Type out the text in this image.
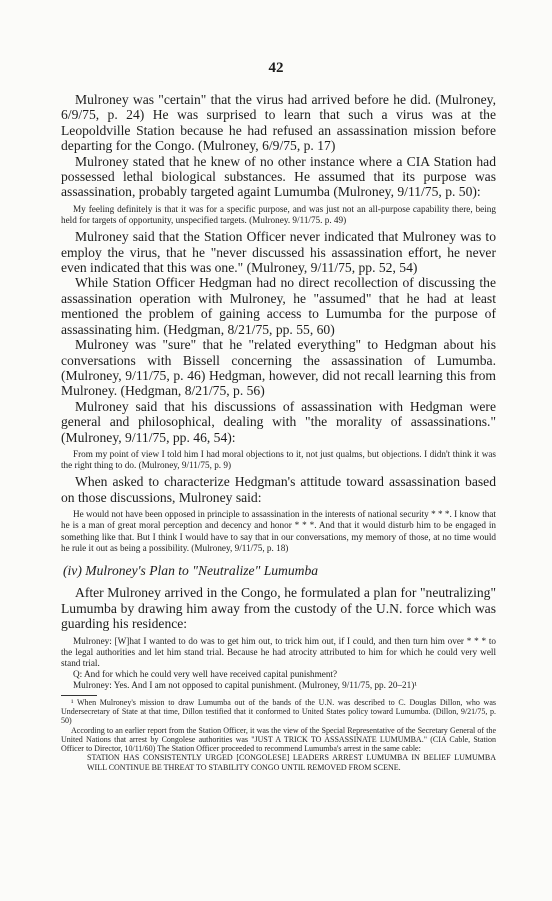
42

Mulroney was "certain" that the virus had arrived before he did. (Mulroney, 6/9/75, p. 24) He was surprised to learn that such a virus was at the Leopoldville Station because he had refused an assassination mission before departing for the Congo. (Mulroney, 6/9/75, p. 17)

Mulroney stated that he knew of no other instance where a CIA Station had possessed lethal biological substances. He assumed that its purpose was assassination, probably targeted againt Lumumba (Mulroney, 9/11/75, p. 50):

My feeling definitely is that it was for a specific purpose, and was just not an all-purpose capability there, being held for targets of opportunity, unspecified targets. (Mulroney. 9/11/75. p. 49)

Mulroney said that the Station Officer never indicated that Mulroney was to employ the virus, that he "never discussed his assassination effort, he never even indicated that this was one." (Mulroney, 9/11/75, pp. 52, 54)

While Station Officer Hedgman had no direct recollection of discussing the assassination operation with Mulroney, he "assumed" that he had at least mentioned the problem of gaining access to Lumumba for the purpose of assassinating him. (Hedgman, 8/21/75, pp. 55, 60)

Mulroney was "sure" that he "related everything" to Hedgman about his conversations with Bissell concerning the assassination of Lumumba. (Mulroney, 9/11/75, p. 46) Hedgman, however, did not recall learning this from Mulroney. (Hedgman, 8/21/75, p. 56)

Mulroney said that his discussions of assassination with Hedgman were general and philosophical, dealing with "the morality of assassinations." (Mulroney, 9/11/75, pp. 46, 54):

From my point of view I told him I had moral objections to it, not just qualms, but objections. I didn't think it was the right thing to do. (Mulroney, 9/11/75, p. 9)

When asked to characterize Hedgman's attitude toward assassination based on those discussions, Mulroney said:

He would not have been opposed in principle to assassination in the interests of national security * * *. I know that he is a man of great moral perception and decency and honor * * *. And that it would disturb him to be engaged in something like that. But I think I would have to say that in our conversations, my memory of those, at no time would he rule it out as being a possibility. (Mulroney, 9/11/75, p. 18)

(iv) Mulroney's Plan to "Neutralize" Lumumba

After Mulroney arrived in the Congo, he formulated a plan for "neutralizing" Lumumba by drawing him away from the custody of the U.N. force which was guarding his residence:

Mulroney: [W]hat I wanted to do was to get him out, to trick him out, if I could, and then turn him over * * * to the legal authorities and let him stand trial. Because he had atrocity attributed to him for which he could very well stand trial.

Q: And for which he could very well have received capital punishment?

Mulroney: Yes. And I am not opposed to capital punishment. (Mulroney, 9/11/75, pp. 20–21)¹

¹ When Mulroney's mission to draw Lumumba out of the bands of the U.N. was described to C. Douglas Dillon, who was Undersecretary of State at that time, Dillon testified that it conformed to United States policy toward Lumumba. (Dillon, 9/21/75, p. 50)

According to an earlier report from the Station Officer, it was the view of the Special Representative of the Secretary General of the United Nations that arrest by Congolese authorities was "JUST A TRICK TO ASSASSINATE LUMUMBA." (CIA Cable, Station Officer to Director, 10/11/60) The Station Officer proceeded to recommend Lumumba's arrest in the same cable:

STATION HAS CONSISTENTLY URGED [CONGOLESE] LEADERS ARREST LUMUMBA IN BELIEF LUMUMBA WILL CONTINUE BE THREAT TO STABILITY CONGO UNTIL REMOVED FROM SCENE.
